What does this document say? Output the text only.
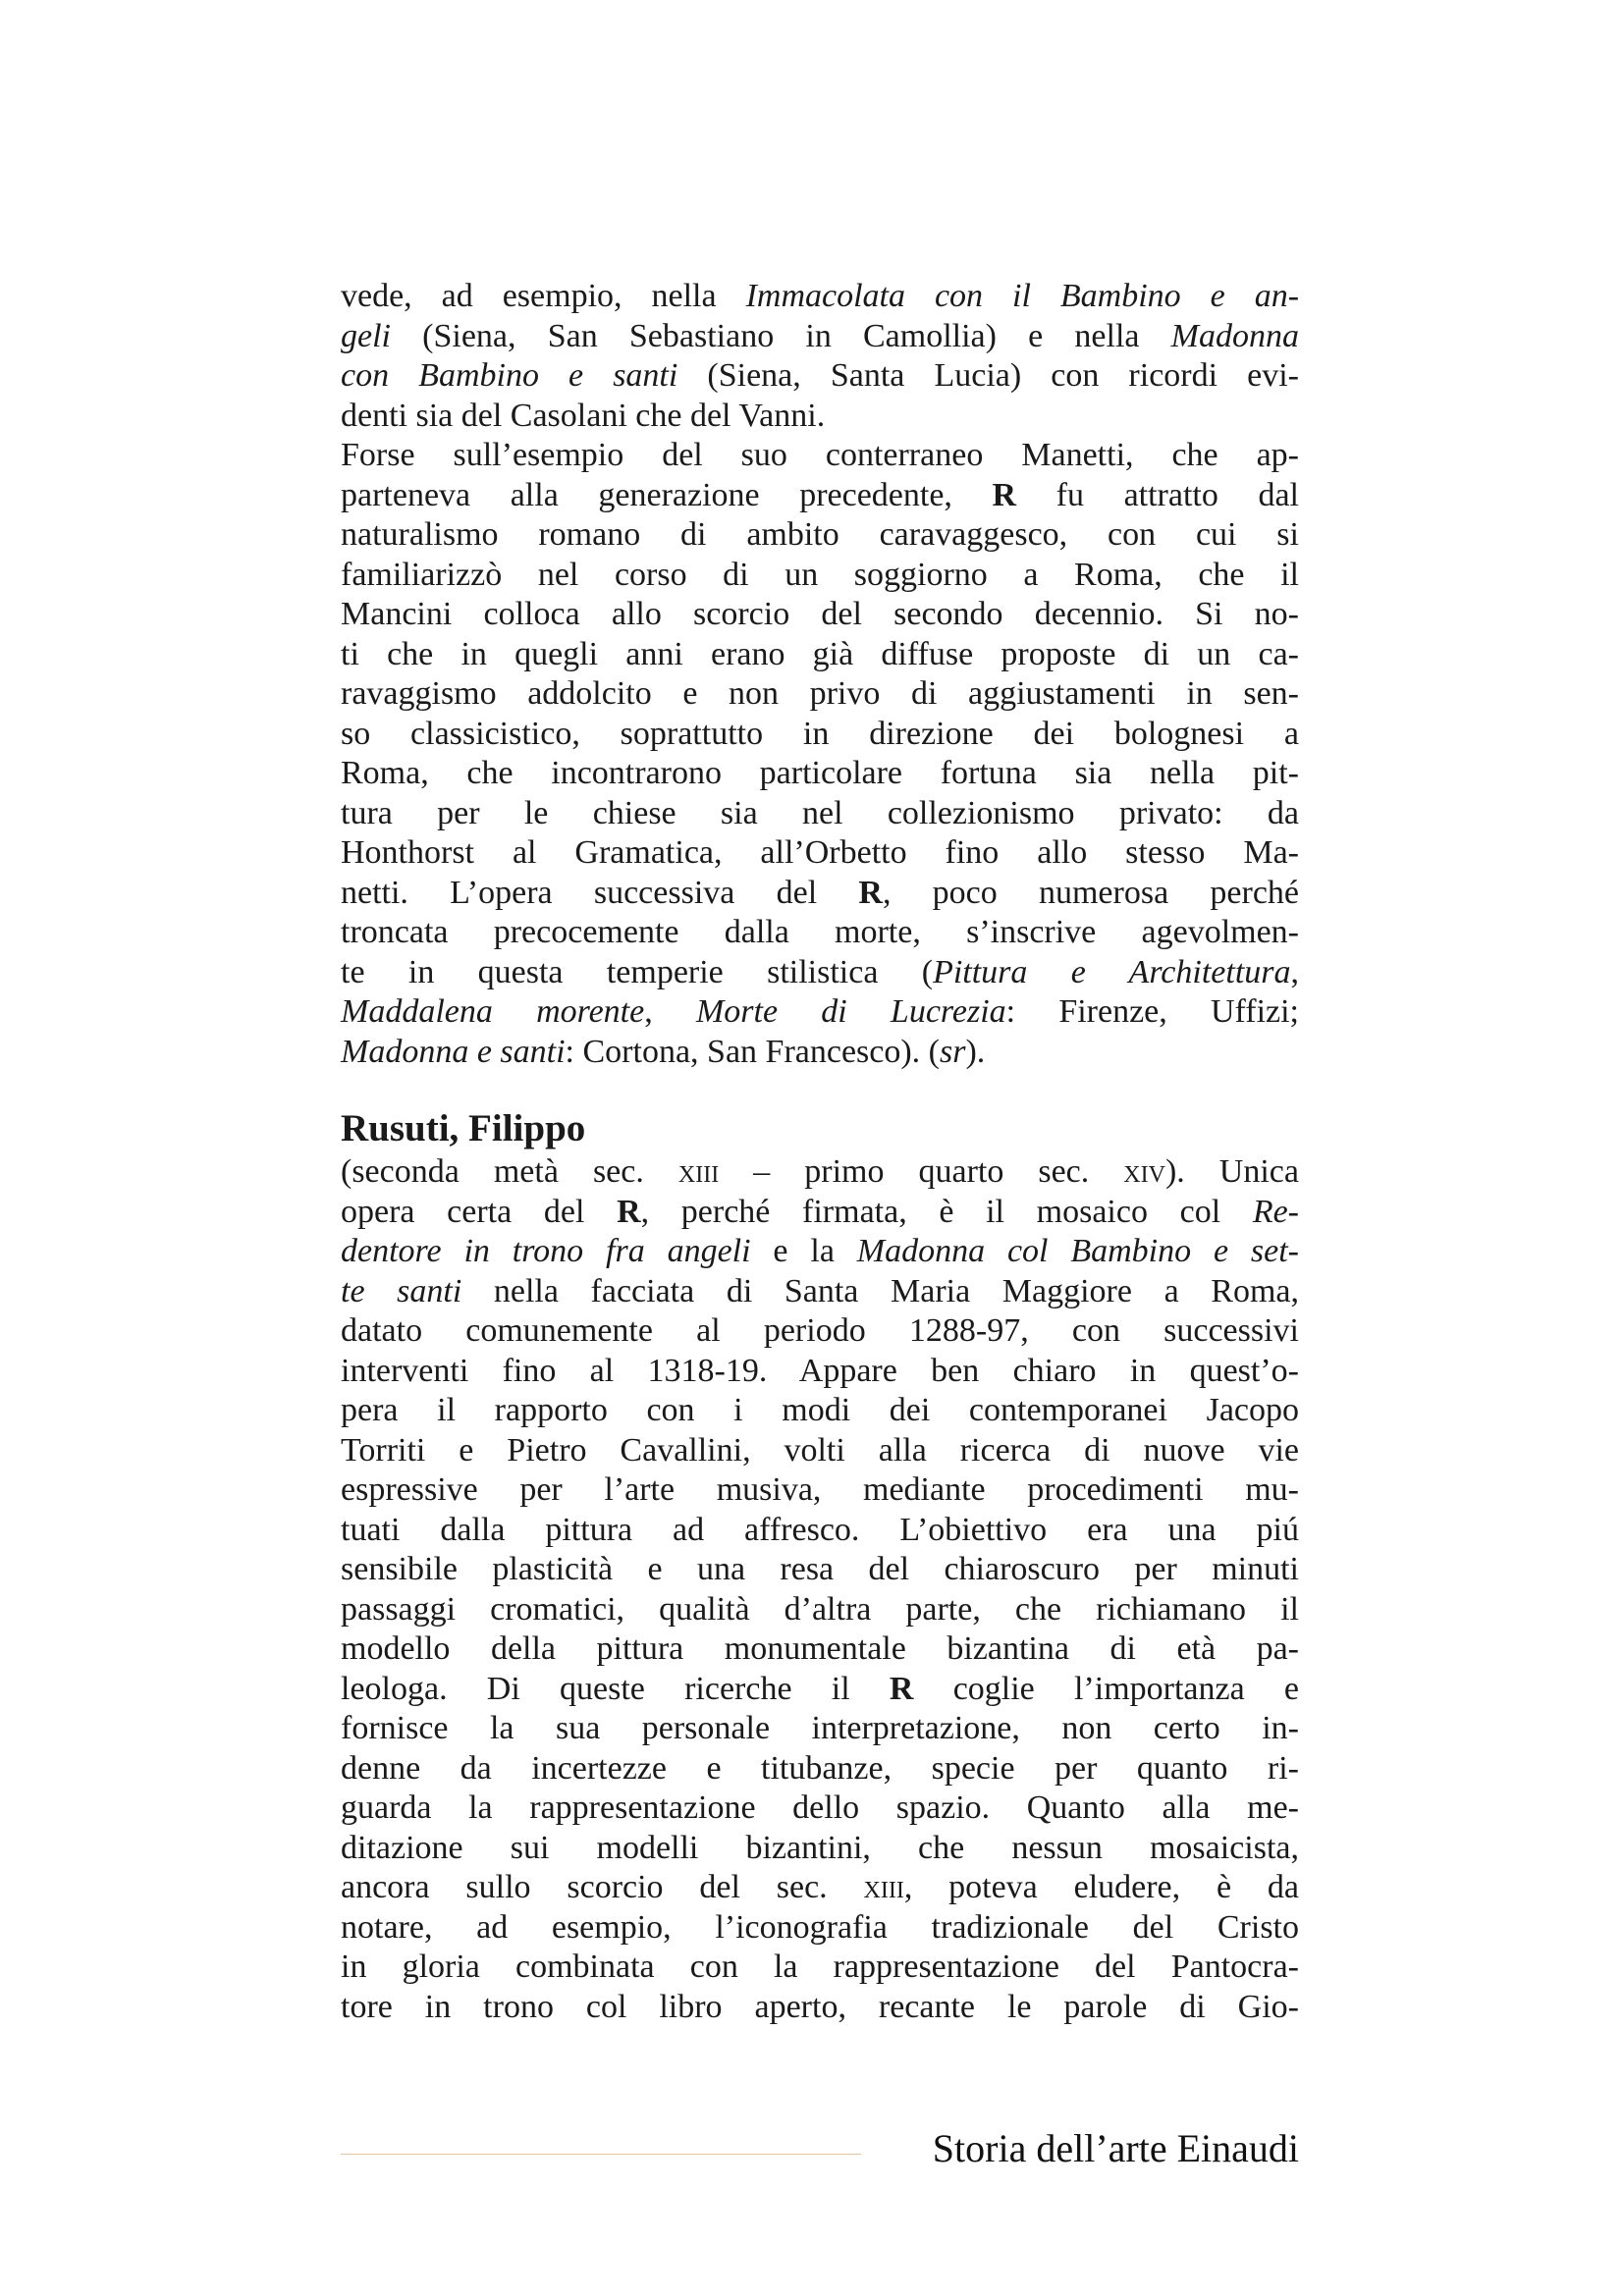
vede, ad esempio, nella Immacolata con il Bambino e an-
geli (Siena, San Sebastiano in Camollia) e nella Madonna
con Bambino e santi (Siena, Santa Lucia) con ricordi evi-
denti sia del Casolani che del Vanni.
Forse sull’esempio del suo conterraneo Manetti, che ap-
parteneva alla generazione precedente, R fu attratto dal
naturalismo romano di ambito caravaggesco, con cui si
familiarizzò nel corso di un soggiorno a Roma, che il
Mancini colloca allo scorcio del secondo decennio. Si no-
ti che in quegli anni erano già diffuse proposte di un ca-
ravaggismo addolcito e non privo di aggiustamenti in sen-
so classicistico, soprattutto in direzione dei bolognesi a
Roma, che incontrarono particolare fortuna sia nella pit-
tura per le chiese sia nel collezionismo privato: da
Honthorst al Gramatica, all’Orbetto fino allo stesso Ma-
netti. L’opera successiva del R, poco numerosa perché
troncata precocemente dalla morte, s’inscrive agevolmen-
te in questa temperie stilistica (Pittura e Architettura,
Maddalena morente, Morte di Lucrezia: Firenze, Uffizi;
Madonna e santi: Cortona, San Francesco). (sr).
Rusuti, Filippo
(seconda metà sec. xiii – primo quarto sec. xiv). Unica
opera certa del R, perché firmata, è il mosaico col Re-
dentore in trono fra angeli e la Madonna col Bambino e set-
te santi nella facciata di Santa Maria Maggiore a Roma,
datato comunemente al periodo 1288-97, con successivi
interventi fino al 1318-19. Appare ben chiaro in quest’o-
pera il rapporto con i modi dei contemporanei Jacopo
Torriti e Pietro Cavallini, volti alla ricerca di nuove vie
espressive per l’arte musiva, mediante procedimenti mu-
tuati dalla pittura ad affresco. L’obiettivo era una piú
sensibile plasticità e una resa del chiaroscuro per minuti
passaggi cromatici, qualità d’altra parte, che richiamano il
modello della pittura monumentale bizantina di età pa-
leologa. Di queste ricerche il R coglie l’importanza e
fornisce la sua personale interpretazione, non certo in-
denne da incertezze e titubanze, specie per quanto ri-
guarda la rappresentazione dello spazio. Quanto alla me-
ditazione sui modelli bizantini, che nessun mosaicista,
ancora sullo scorcio del sec. xiii, poteva eludere, è da
notare, ad esempio, l’iconografia tradizionale del Cristo
in gloria combinata con la rappresentazione del Pantocra-
tore in trono col libro aperto, recante le parole di Gio-
Storia dell’arte Einaudi
